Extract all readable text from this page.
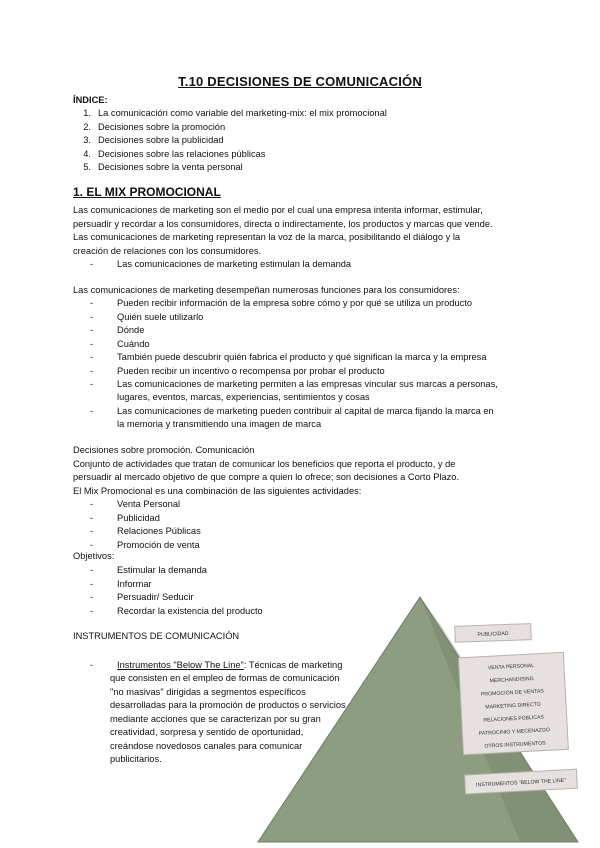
T.10 DECISIONES DE COMUNICACIÓN
ÍNDICE:
1. La comunicación como variable del marketing-mix: el mix promocional
2. Decisiones sobre la promoción
3. Decisiones sobre la publicidad
4. Decisiones sobre las relaciones públicas
5. Decisiones sobre la venta personal
1. EL MIX PROMOCIONAL
Las comunicaciones de marketing son el medio por el cual una empresa intenta informar, estimular,
persuadir y recordar a los consumidores, directa o indirectamente, los productos y marcas que vende.
Las comunicaciones de marketing representan la voz de la marca, posibilitando el diálogo y la
creación de relaciones con los consumidores.
-	Las comunicaciones de marketing estimulan la demanda
Las comunicaciones de marketing desempeñan numerosas funciones para los consumidores:
-	Pueden recibir información de la empresa sobre cómo y por qué se utiliza un producto
-	Quién suele utilizarlo
-	Dónde
-	Cuándo
-	También puede descubrir quién fabrica el producto y qué significan la marca y la empresa
-	Pueden recibir un incentivo o recompensa por probar el producto
-	Las comunicaciones de marketing permiten a las empresas vincular sus marcas a personas,
lugares, eventos, marcas, experiencias, sentimientos y cosas
-	Las comunicaciones de marketing pueden contribuir al capital de marca fijando la marca en
la memoria y transmitiendo una imagen de marca
Decisiones sobre promoción. Comunicación
Conjunto de actividades que tratan de comunicar los beneficios que reporta el producto, y de
persuadir al mercado objetivo de que compre a quien lo ofrece; son decisiones a Corto Plazo.
El Mix Promocional es una combinación de las siguientes actividades:
-	Venta Personal
-	Publicidad
-	Relaciones Públicas
-	Promoción de venta
Objetivos:
-	Estimular la demanda
-	Informar
-	Persuadir/ Seducir
-	Recordar la existencia del producto
INSTRUMENTOS DE COMUNICACIÓN
-	Instrumentos "Below The Line": Técnicas de marketing
que consisten en el empleo de formas de comunicación
"no masivas" dirigidas a segmentos específicos
desarrolladas para la promoción de productos o servicios
mediante acciones que se caracterizan por su gran
creatividad, sorpresa y sentido de oportunidad,
creándose novedosos canales para comunicar
publicitarios.
PUBLICIDAD
VENTA PERSONAL
MERCHANDISING
PROMOCIÓN DE VENTAS
MARKETING DIRECTO
RELACIONES PÚBLICAS
PATROCINIO Y MECENAZGO
OTROS INSTRUMENTOS
INSTRUMENTOS "BELOW THE LINE"
